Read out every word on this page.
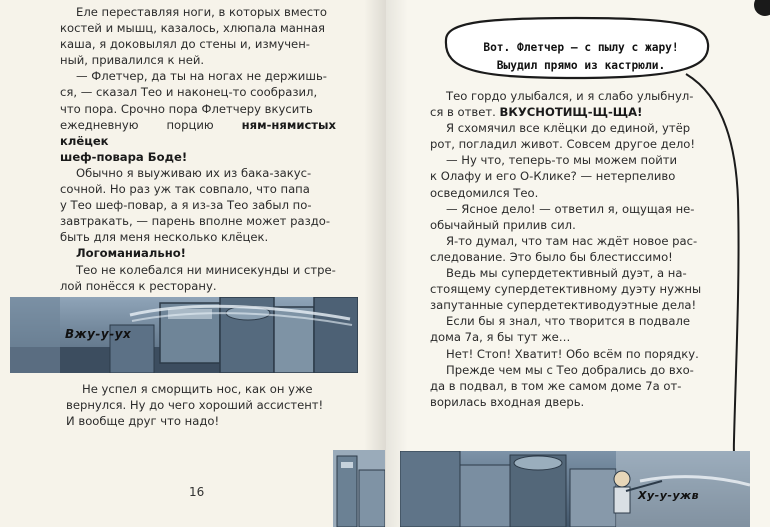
Еле переставляя ноги, в которых вместо
костей и мышц, казалось, хлюпала манная
каша, я доковылял до стены и, измучен-
ный, привалился к ней.

— Флетчер, да ты на ногах не держишь-
ся, — сказал Тео и наконец-то сообразил,
что пора. Срочно пора Флетчеру вкусить
ежедневную порцию ням-нямистых клёцек
шеф-повара Боде!

Обычно я выуживаю их из бака-закус-
сочной. Но раз уж так совпало, что папа
у Тео шеф-повар, а я из-за Тео забыл по-
завтракать, — парень вполне может раздо-
быть для меня несколько клёцек.

Логоманиально!

Тео не колебался ни минисекунды и стре-
лой понёсся к ресторану.

Вжу-у-ух

Не успел я сморщить нос, как он уже
вернулся. Ну до чего хороший ассистент!
И вообще друг что надо!

16
Вот. Флетчер — с пылу с жару!
Выудил прямо из кастрюли.

Тео гордо улыбался, и я слабо улыбнул-
ся в ответ. ВКУСНОТИЩ-Щ-ЩА!

Я схомячил все клёцки до единой, утёр
рот, погладил живот. Совсем другое дело!

— Ну что, теперь-то мы можем пойти
к Олафу и его О-Клике? — нетерпеливо
осведомился Тео.

— Ясное дело! — ответил я, ощущая не-
обычайный прилив сил.

Я-то думал, что там нас ждёт новое рас-
следование. Это было бы блестиссимо!

Ведь мы супердетективный дуэт, а на-
стоящему супердетективному дуэту нужны
запутанные супердетективодуэтные дела!

Если бы я знал, что творится в подвале
дома 7а, я бы тут же…

Нет! Стоп! Хватит! Обо всём по порядку.

Прежде чем мы с Тео добрались до вхо-
да в подвал, в том же самом доме 7а от-
ворилась входная дверь.

Ху-у-ужв
